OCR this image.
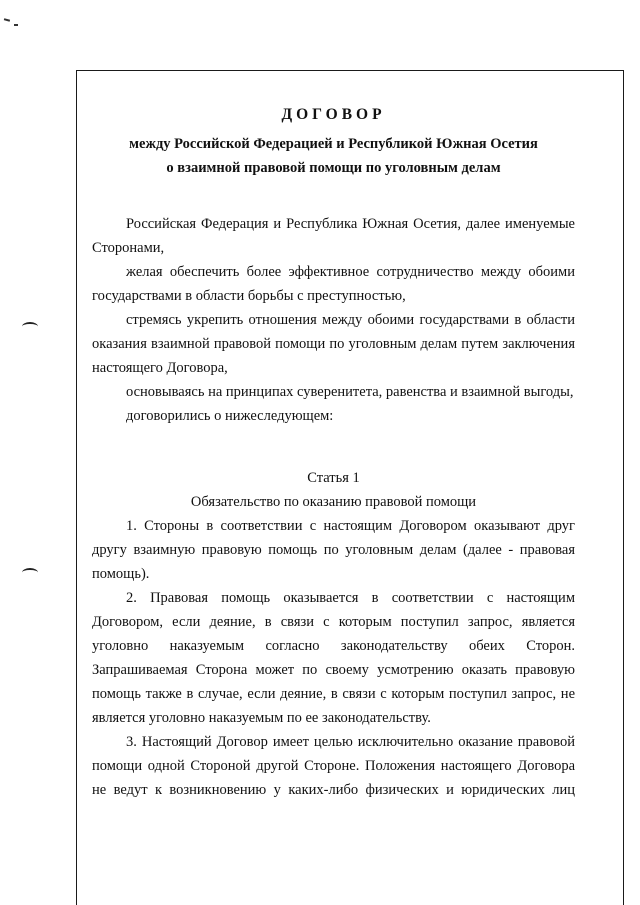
ДОГОВОР

между Российской Федерацией и Республикой Южная Осетия

о взаимной правовой помощи по уголовным делам

Российская Федерация и Республика Южная Осетия, далее именуемые Сторонами,

желая обеспечить более эффективное сотрудничество между обоими государствами в области борьбы с преступностью,

стремясь укрепить отношения между обоими государствами в области оказания взаимной правовой помощи по уголовным делам путем заключения настоящего Договора,

основываясь на принципах суверенитета, равенства и взаимной выгоды,

договорились о нижеследующем:

Статья 1

Обязательство по оказанию правовой помощи

1. Стороны в соответствии с настоящим Договором оказывают друг другу взаимную правовую помощь по уголовным делам (далее - правовая помощь).

2. Правовая помощь оказывается в соответствии с настоящим Договором, если деяние, в связи с которым поступил запрос, является уголовно наказуемым согласно законодательству обеих Сторон. Запрашиваемая Сторона может по своему усмотрению оказать правовую помощь также в случае, если деяние, в связи с которым поступил запрос, не является уголовно наказуемым по ее законодательству.

3. Настоящий Договор имеет целью исключительно оказание правовой помощи одной Стороной другой Стороне. Положения настоящего Договора не ведут к возникновению у каких-либо физических и юридических лиц
